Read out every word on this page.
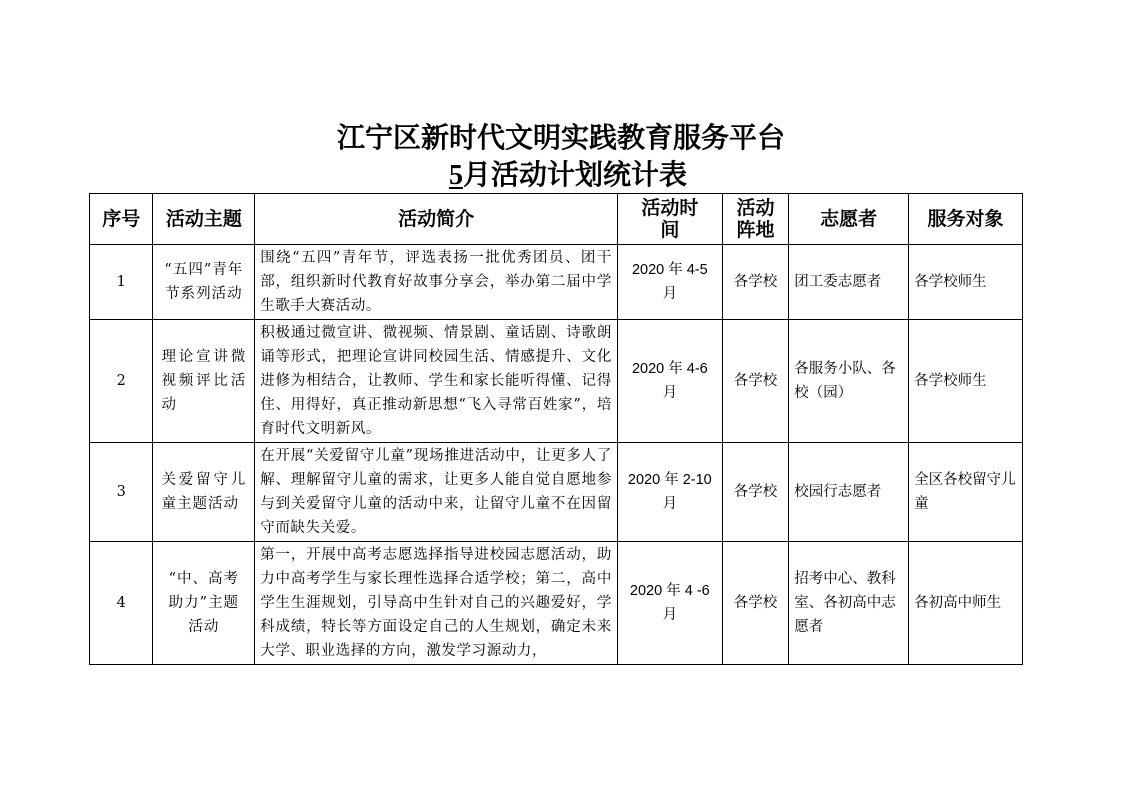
江宁区新时代文明实践教育服务平台
5月活动计划统计表
序号	活动主题	活动简介	活动时间	活动阵地	志愿者	服务对象
1	“五四”青年节系列活动	围绕“五四”青年节，评选表扬一批优秀团员、团干部，组织新时代教育好故事分享会，举办第二届中学生歌手大赛活动。	2020 年 4-5 月	各学校	团工委志愿者	各学校师生
2	理论宣讲微视频评比活动	积极通过微宣讲、微视频、情景剧、童话剧、诗歌朗诵等形式，把理论宣讲同校园生活、情感提升、文化进修为相结合，让教师、学生和家长能听得懂、记得住、用得好，真正推动新思想“飞入寻常百姓家”，培育时代文明新风。	2020 年 4-6 月	各学校	各服务小队、各校（园）	各学校师生
3	关爱留守儿童主题活动	在开展“关爱留守儿童”现场推进活动中，让更多人了解、理解留守儿童的需求，让更多人能自觉自愿地参与到关爱留守儿童的活动中来，让留守儿童不在因留守而缺失关爱。	2020 年 2-10 月	各学校	校园行志愿者	全区各校留守儿童
4	“中、高考助力”主题活动	第一，开展中高考志愿选择指导进校园志愿活动，助力中高考学生与家长理性选择合适学校；第二，高中学生生涯规划，引导高中生针对自己的兴趣爱好，学科成绩，特长等方面设定自己的人生规划，确定未来大学、职业选择的方向，激发学习源动力，	2020 年 4 -6 月	各学校	招考中心、教科室、各初高中志愿者	各初高中师生
